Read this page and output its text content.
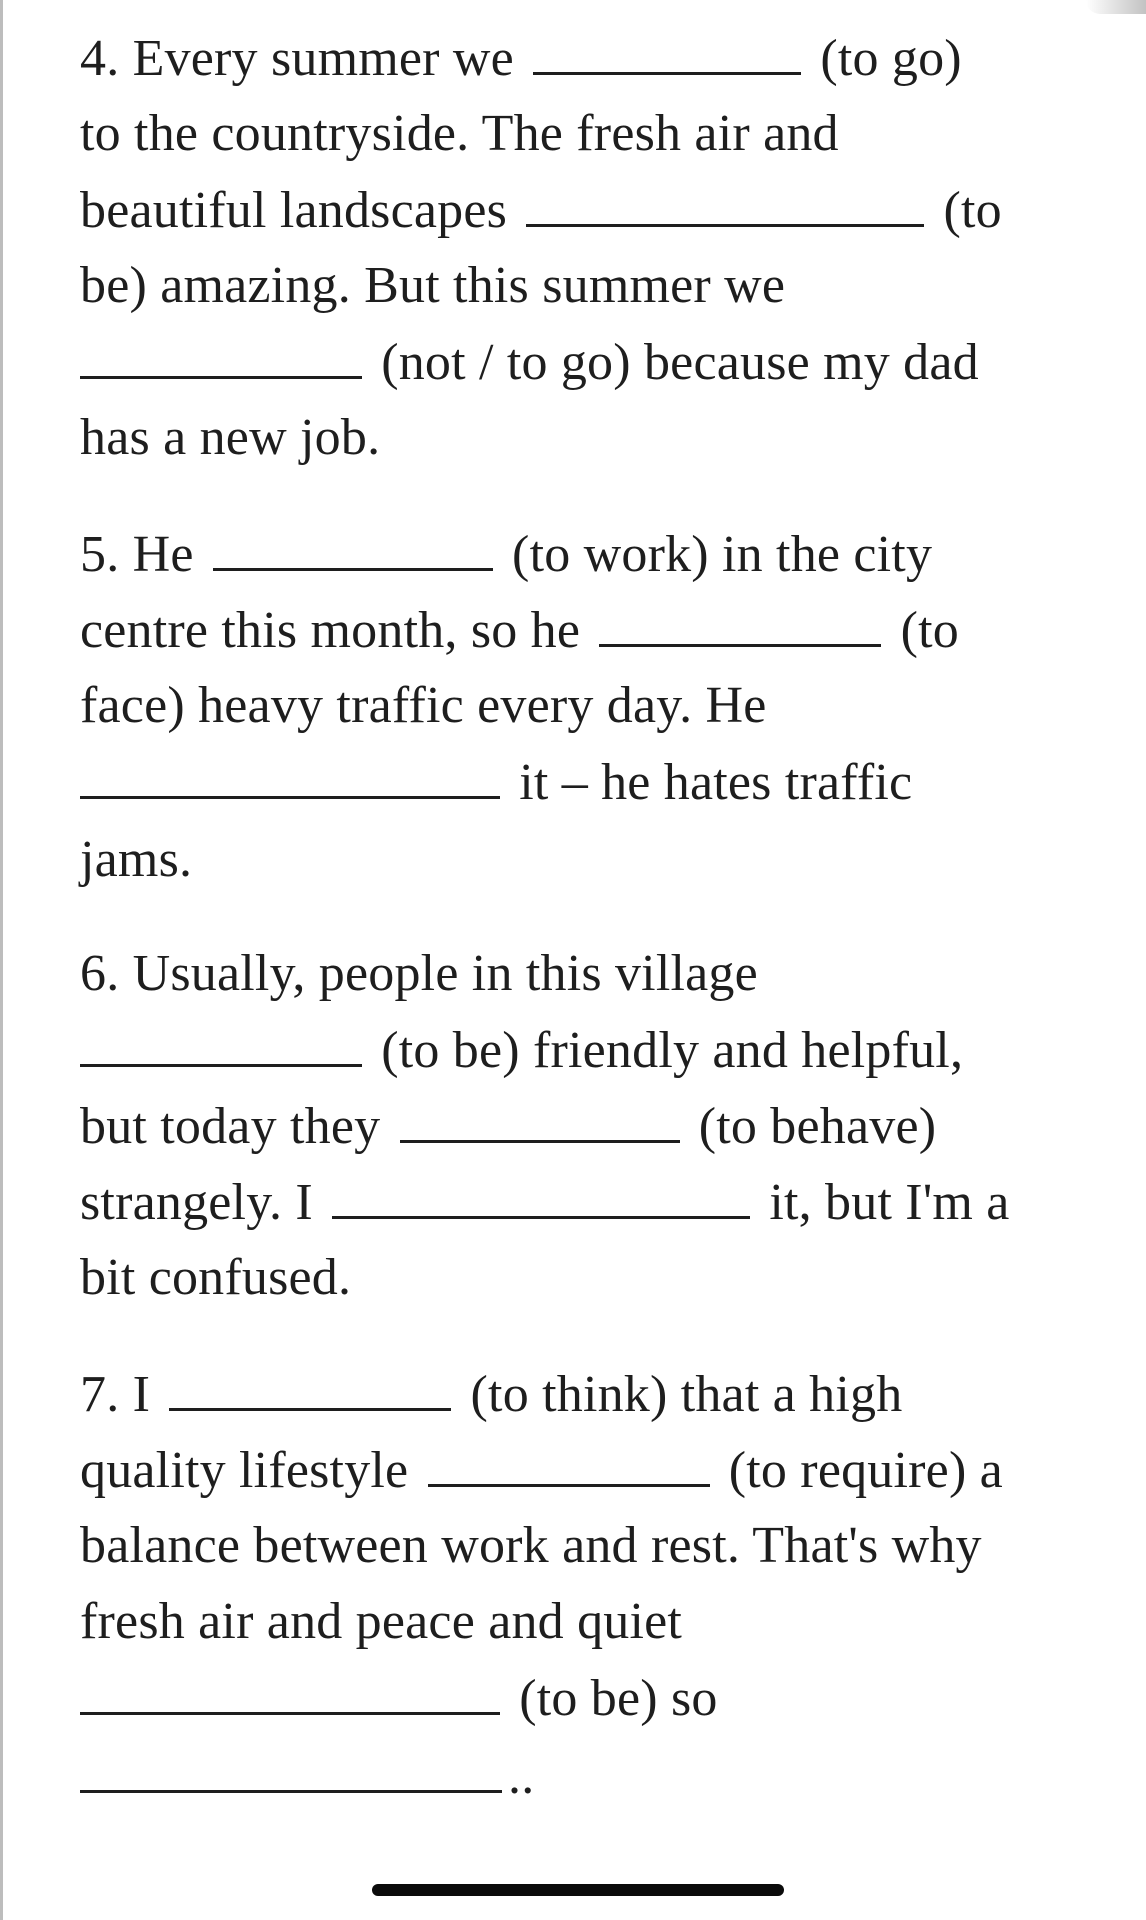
4. Every summer we	(to go)
to the countryside. The fresh air and
beautiful landscapes	(to
be) amazing. But this summer we
(not / to go) because my dad
has a new job.
5. He	(to work) in the city
centre this month, so he	(to
face) heavy traffic every day. He
it – he hates traffic
jams.
6. Usually, people in this village
(to be) friendly and helpful,
but today they	(to behave)
strangely. I	it, but I'm a
bit confused.
7. I	(to think) that a high
quality lifestyle	(to require) a
balance between work and rest. That's why
fresh air and peace and quiet
(to be) so
..
